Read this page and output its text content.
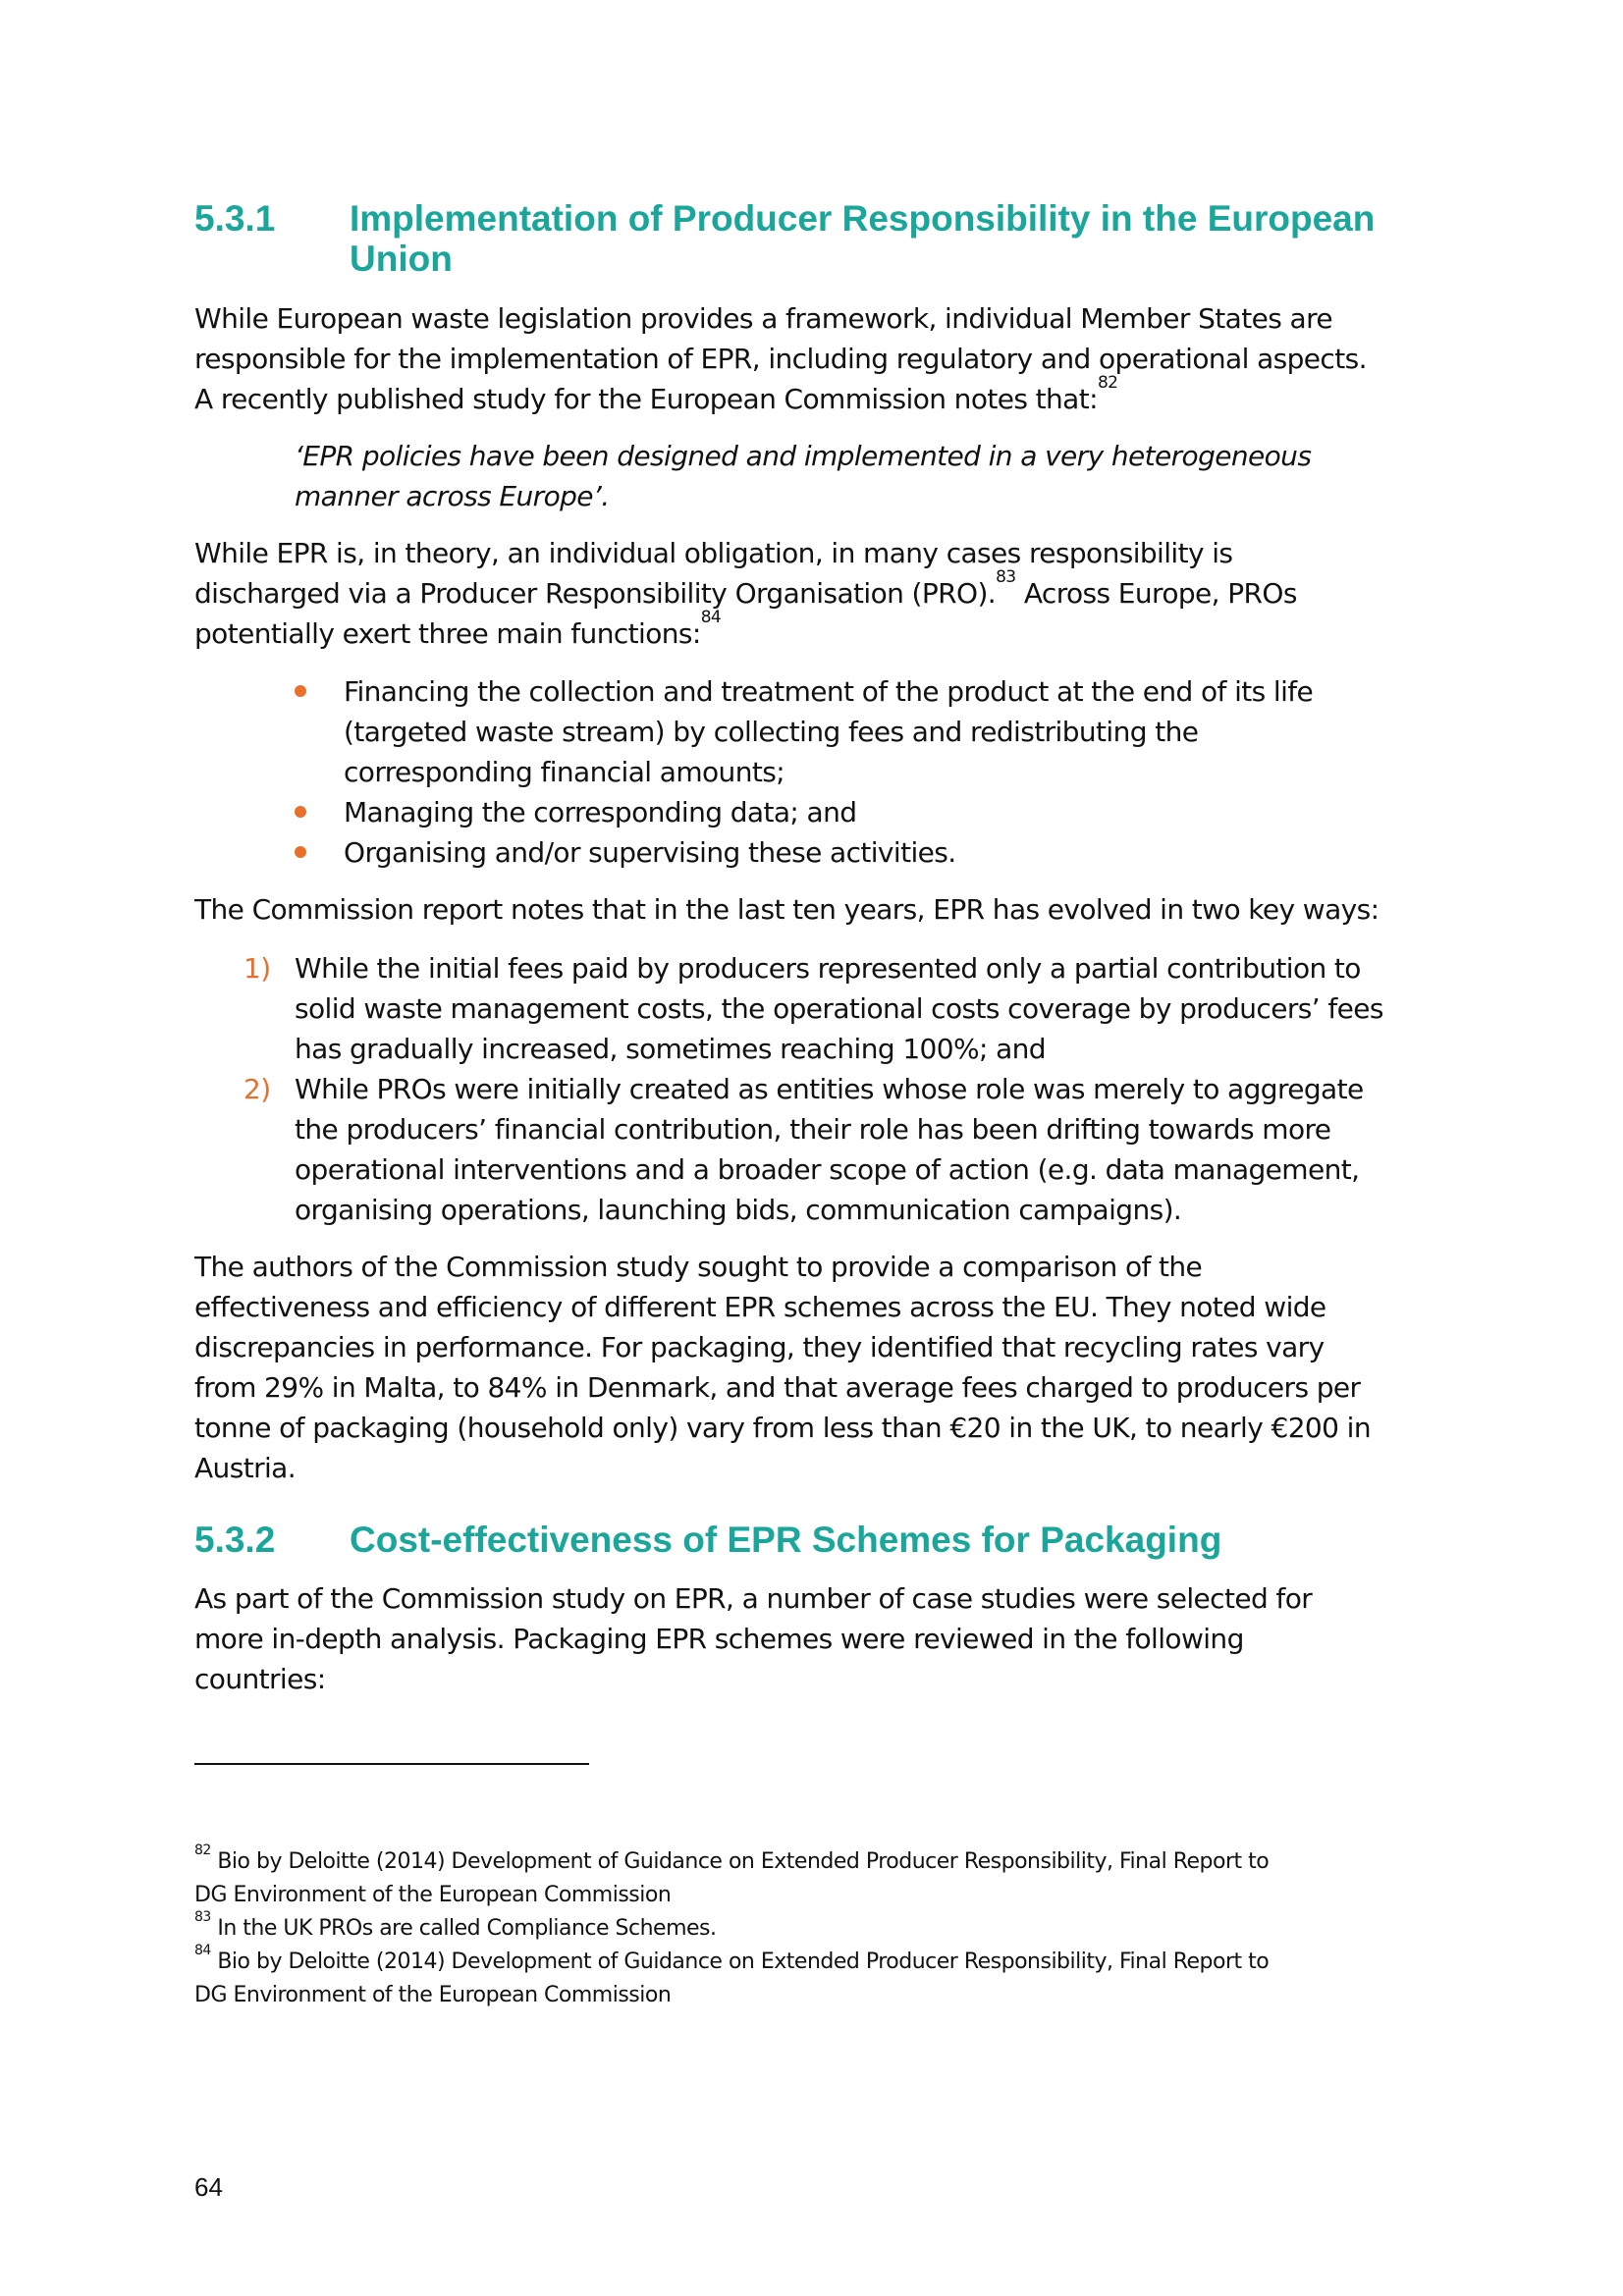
5.3.1 Implementation of Producer Responsibility in the European
Union
While European waste legislation provides a framework, individual Member States are
responsible for the implementation of EPR, including regulatory and operational aspects.
A recently published study for the European Commission notes that:$^{82}$
‘EPR policies have been designed and implemented in a very heterogeneous
manner across Europe’.
While EPR is, in theory, an individual obligation, in many cases responsibility is
discharged via a Producer Responsibility Organisation (PRO).$^{83}$ Across Europe, PROs
potentially exert three main functions:$^{84}$
Financing the collection and treatment of the product at the end of its life
(targeted waste stream) by collecting fees and redistributing the
corresponding financial amounts;
Managing the corresponding data; and
Organising and/or supervising these activities.
The Commission report notes that in the last ten years, EPR has evolved in two key ways:
1) While the initial fees paid by producers represented only a partial contribution to
solid waste management costs, the operational costs coverage by producers’ fees
has gradually increased, sometimes reaching 100%; and
2) While PROs were initially created as entities whose role was merely to aggregate
the producers’ financial contribution, their role has been drifting towards more
operational interventions and a broader scope of action (e.g. data management,
organising operations, launching bids, communication campaigns).
The authors of the Commission study sought to provide a comparison of the
effectiveness and efficiency of different EPR schemes across the EU. They noted wide
discrepancies in performance. For packaging, they identified that recycling rates vary
from 29% in Malta, to 84% in Denmark, and that average fees charged to producers per
tonne of packaging (household only) vary from less than €20 in the UK, to nearly €200 in
Austria.
5.3.2 Cost-effectiveness of EPR Schemes for Packaging
As part of the Commission study on EPR, a number of case studies were selected for
more in-depth analysis. Packaging EPR schemes were reviewed in the following
countries:
$^{82}$ Bio by Deloitte (2014) Development of Guidance on Extended Producer Responsibility, Final Report to
DG Environment of the European Commission
$^{83}$ In the UK PROs are called Compliance Schemes.
$^{84}$ Bio by Deloitte (2014) Development of Guidance on Extended Producer Responsibility, Final Report to
DG Environment of the European Commission
64
